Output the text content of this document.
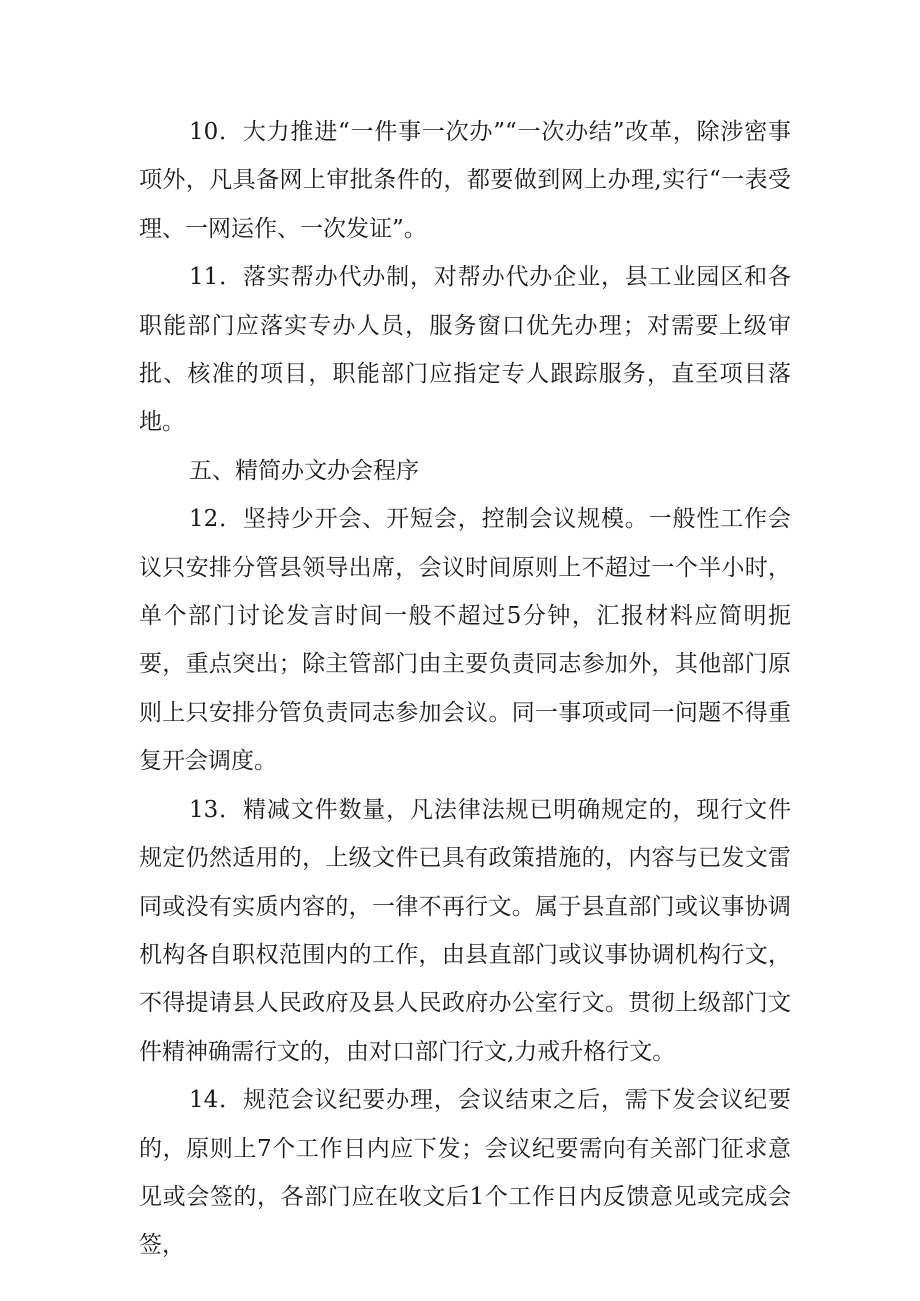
10．大力推进“一件事一次办”“一次办结”改革，除涉密事项外，凡具备网上审批条件的，都要做到网上办理,实行“一表受理、一网运作、一次发证”。

11．落实帮办代办制，对帮办代办企业，县工业园区和各职能部门应落实专办人员，服务窗口优先办理；对需要上级审批、核准的项目，职能部门应指定专人跟踪服务，直至项目落地。

五、精简办文办会程序

12．坚持少开会、开短会，控制会议规模。一般性工作会议只安排分管县领导出席，会议时间原则上不超过一个半小时，单个部门讨论发言时间一般不超过5分钟，汇报材料应简明扼要，重点突出；除主管部门由主要负责同志参加外，其他部门原则上只安排分管负责同志参加会议。同一事项或同一问题不得重复开会调度。

13．精减文件数量，凡法律法规已明确规定的，现行文件规定仍然适用的，上级文件已具有政策措施的，内容与已发文雷同或没有实质内容的，一律不再行文。属于县直部门或议事协调机构各自职权范围内的工作，由县直部门或议事协调机构行文，不得提请县人民政府及县人民政府办公室行文。贯彻上级部门文件精神确需行文的，由对口部门行文,力戒升格行文。

14．规范会议纪要办理，会议结束之后，需下发会议纪要的，原则上7个工作日内应下发；会议纪要需向有关部门征求意见或会签的，各部门应在收文后1个工作日内反馈意见或完成会签，
